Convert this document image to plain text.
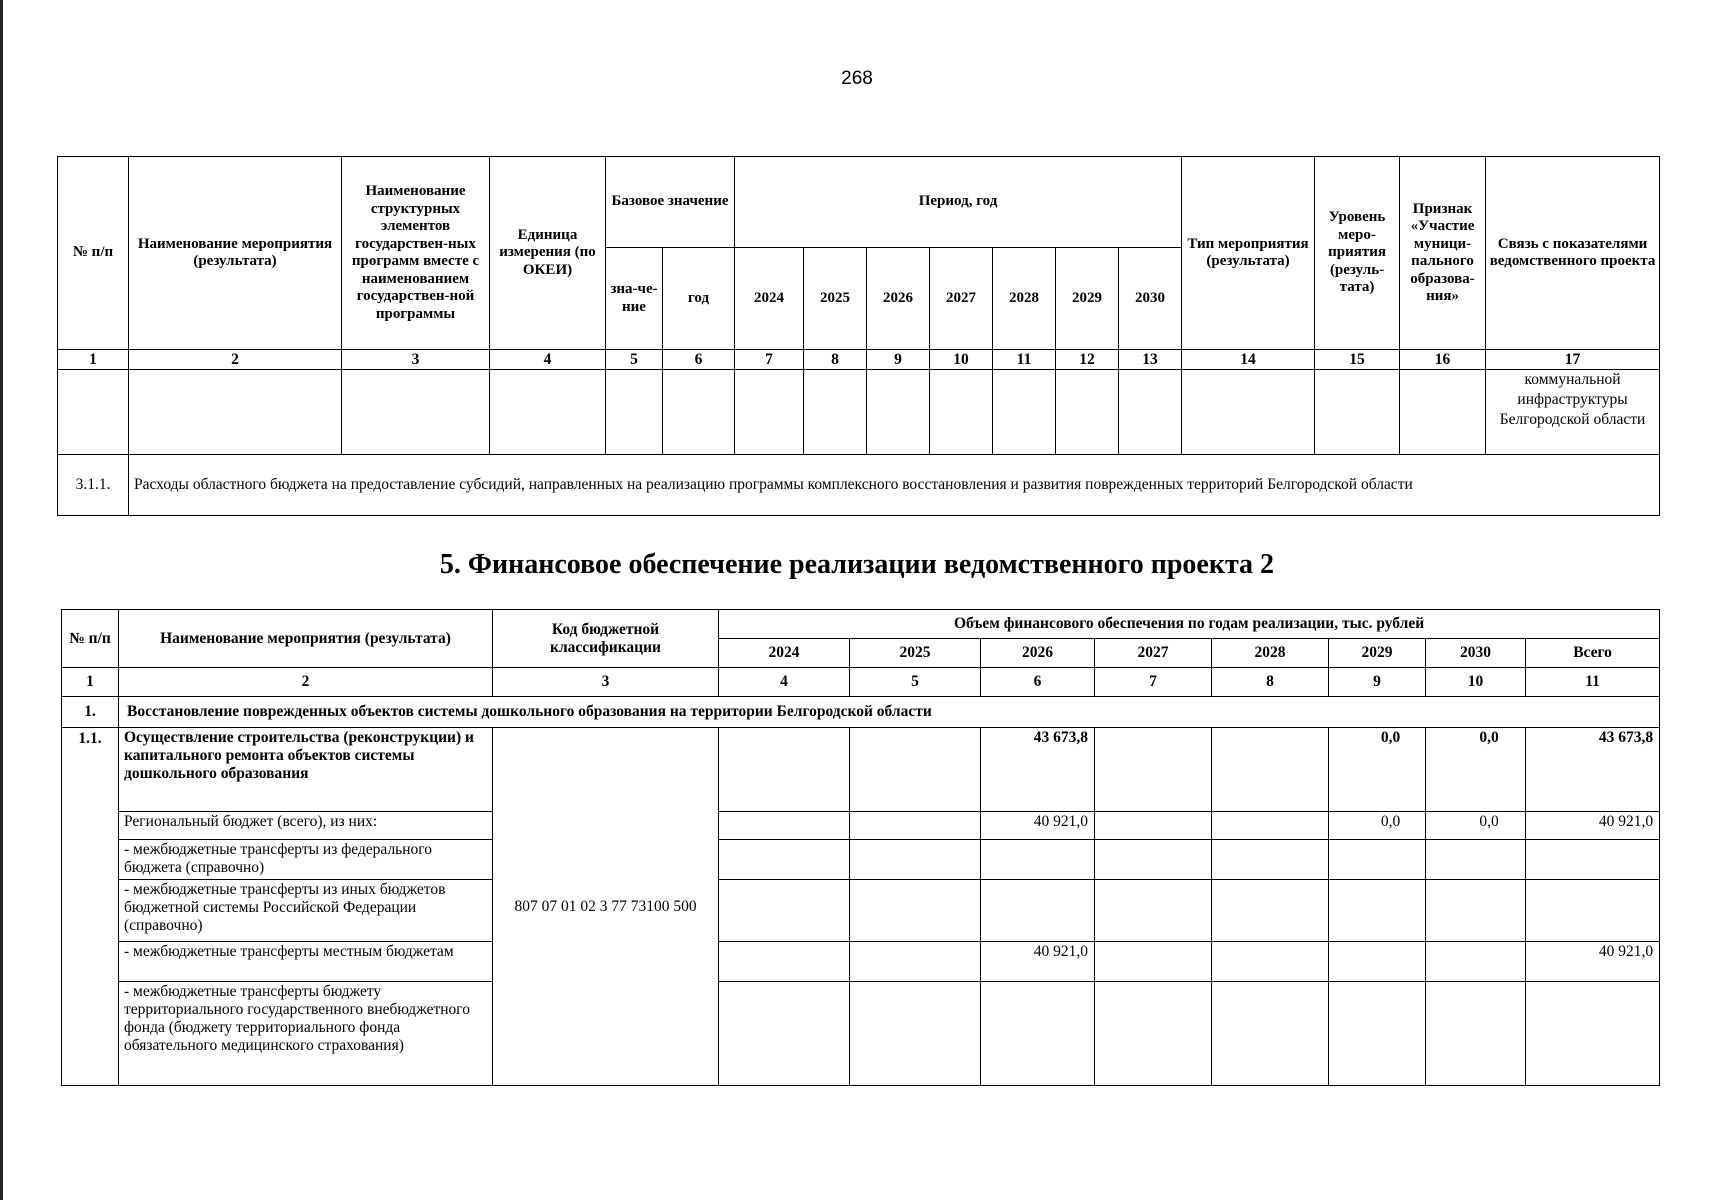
268
№ п/п	Наименование мероприятия (результата)	Наименование структурных элементов государствен-ных программ вместе с наименованием государствен-ной программы	Единица измерения (по ОКЕИ)	Базовое значение		Период, год							Тип мероприятия (результата)	Уровень меро-приятия (резуль-тата)	Признак «Участие муници-пального образова-ния»	Связь с показателями ведомственного проекта
				зна-че-ние	год	2024	2025	2026	2027	2028	2029	2030				

1	2	3	4	5	6	7	8	9	10	11	12	13	14	15	16	17
																коммунальной инфраструктуры Белгородской области
3.1.1.	Расходы областного бюджета на предоставление субсидий, направленных на реализацию программы комплексного восстановления и развития поврежденных территорий Белгородской области															
5. Финансовое обеспечение реализации ведомственного проекта 2
№ п/п	Наименование мероприятия (результата)	Код бюджетной классификации	Объем финансового обеспечения по годам реализации, тыс. рублей							
			2024	2025	2026	2027	2028	2029	2030	Всего
1	2	3	4	5	6	7	8	9	10	11
1.	Восстановление поврежденных объектов системы дошкольного образования на территории Белгородской области									
1.1.	Осуществление строительства (реконструкции) и капитального ремонта объектов системы дошкольного образования	807 07 01 02 3 77 73100 500			43 673,8			0,0	0,0	43 673,8
	Региональный бюджет (всего), из них:				40 921,0			0,0	0,0	40 921,0
	- межбюджетные трансферты из федерального бюджета (справочно)									
	- межбюджетные трансферты из иных бюджетов бюджетной системы Российской Федерации (справочно)									
	- межбюджетные трансферты местным бюджетам				40 921,0					40 921,0
	- межбюджетные трансферты бюджету территориального государственного внебюджетного фонда (бюджету территориального фонда обязательного медицинского страхования)									
